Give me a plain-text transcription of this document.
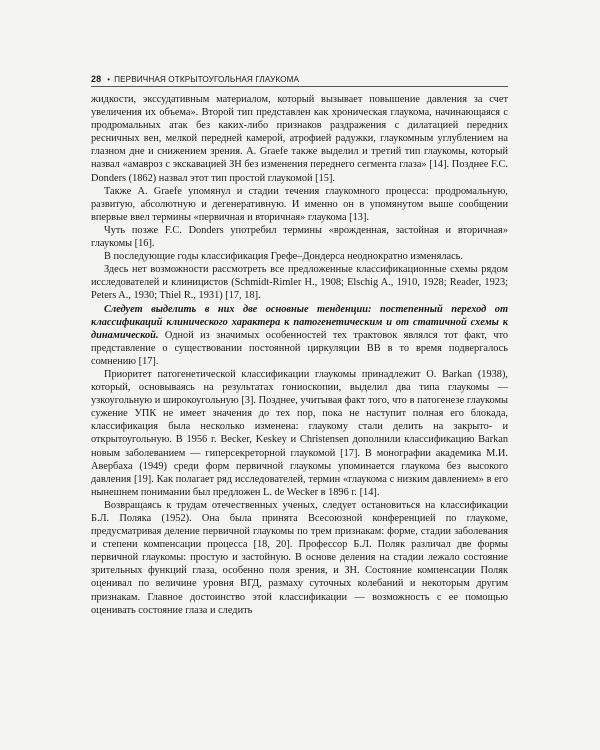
28 • ПЕРВИЧНАЯ ОТКРЫТОУГОЛЬНАЯ ГЛАУКОМА

жидкости, экссудативным материалом, который вызывает повышение давления за счет увеличения их объема». Второй тип представлен как хроническая глаукома, начинающаяся с продромальных атак без каких-либо признаков раздражения с дилатацией передних ресничных вен, мелкой передней камерой, атрофией радужки, глаукомным углублением на глазном дне и снижением зрения. A. Graefe также выделил и третий тип глаукомы, который назвал «амавроз с экскавацией ЗН без изменения переднего сегмента глаза» [14]. Позднее F.C. Donders (1862) назвал этот тип простой глаукомой [15].

Также A. Graefe упомянул и стадии течения глаукомного процесса: продромальную, развитую, абсолютную и дегенеративную. И именно он в упомянутом выше сообщении впервые ввел термины «первичная и вторичная» глаукома [13].

Чуть позже F.C. Donders употребил термины «врожденная, застойная и вторичная» глаукомы [16].

В последующие годы классификация Грефе–Дондерса неоднократно изменялась.

Здесь нет возможности рассмотреть все предложенные классификационные схемы рядом исследователей и клиницистов (Schmidt-Rimler H., 1908; Elschig A., 1910, 1928; Reader, 1923; Peters A., 1930; Thiel R., 1931) [17, 18].

Следует выделить в них две основные тенденции: постепенный переход от классификаций клинического характера к патогенетическим и от статичной схемы к динамической. Одной из значимых особенностей тех трактовок являлся тот факт, что представление о существовании постоянной циркуляции ВВ в то время подвергалось сомнению [17].

Приоритет патогенетической классификации глаукомы принадлежит O. Barkan (1938), который, основываясь на результатах гониоскопии, выделил два типа глаукомы — узкоугольную и широкоугольную [3]. Позднее, учитывая факт того, что в патогенезе глаукомы сужение УПК не имеет значения до тех пор, пока не наступит полная его блокада, классификация была несколько изменена: глаукому стали делить на закрыто- и открытоугольную. В 1956 г. Becker, Keskey и Christensen дополнили классификацию Barkan новым заболеванием — гиперсекреторной глаукомой [17]. В монографии академика М.И. Авербаха (1949) среди форм первичной глаукомы упоминается глаукома без высокого давления [19]. Как полагает ряд исследователей, термин «глаукома с низким давлением» в его нынешнем понимании был предложен L. de Wecker в 1896 г. [14].

Возвращаясь к трудам отечественных ученых, следует остановиться на классификации Б.Л. Поляка (1952). Она была принята Всесоюзной конференцией по глаукоме, предусматривая деление первичной глаукомы по трем признакам: форме, стадии заболевания и степени компенсации процесса [18, 20]. Профессор Б.Л. Поляк различал две формы первичной глаукомы: простую и застойную. В основе деления на стадии лежало состояние зрительных функций глаза, особенно поля зрения, и ЗН. Состояние компенсации Поляк оценивал по величине уровня ВГД, размаху суточных колебаний и некоторым другим признакам. Главное достоинство этой классификации — возможность с ее помощью оценивать состояние глаза и следить
